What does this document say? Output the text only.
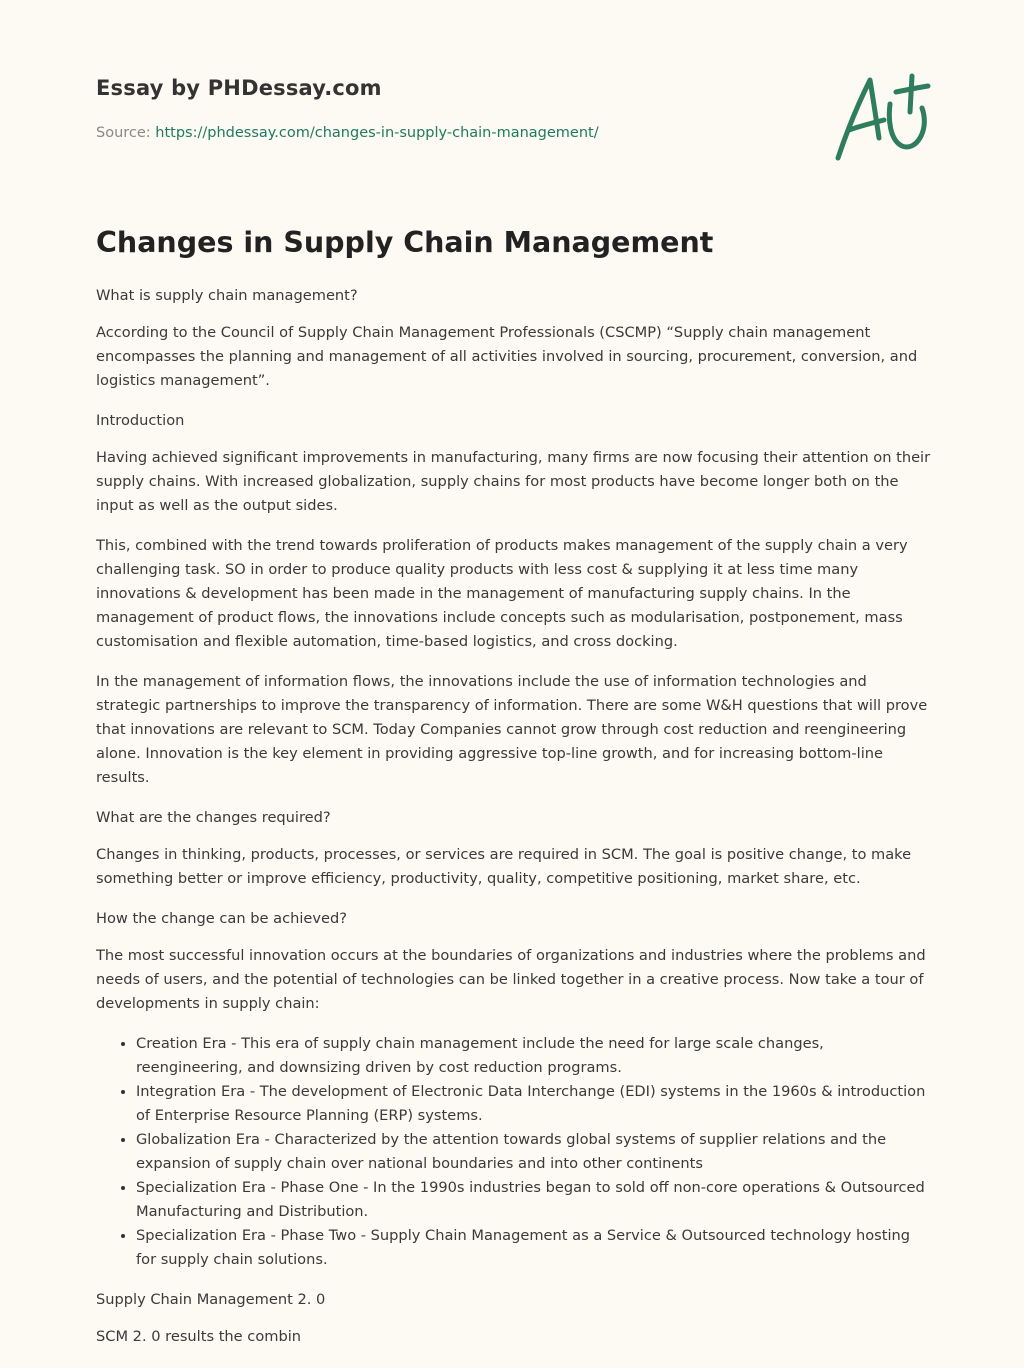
Essay by PHDessay.com
Source: https://phdessay.com/changes-in-supply-chain-management/
Changes in Supply Chain Management

What is supply chain management?

According to the Council of Supply Chain Management Professionals (CSCMP) “Supply chain management encompasses the planning and management of all activities involved in sourcing, procurement, conversion, and logistics management”.

Introduction

Having achieved significant improvements in manufacturing, many firms are now focusing their attention on their supply chains. With increased globalization, supply chains for most products have become longer both on the input as well as the output sides.

This, combined with the trend towards proliferation of products makes management of the supply chain a very challenging task. SO in order to produce quality products with less cost & supplying it at less time many innovations & development has been made in the management of manufacturing supply chains. In the management of product flows, the innovations include concepts such as modularisation, postponement, mass customisation and flexible automation, time-based logistics, and cross docking.

In the management of information flows, the innovations include the use of information technologies and strategic partnerships to improve the transparency of information. There are some W&H questions that will prove that innovations are relevant to SCM. Today Companies cannot grow through cost reduction and reengineering alone. Innovation is the key element in providing aggressive top-line growth, and for increasing bottom-line results.

What are the changes required?

Changes in thinking, products, processes, or services are required in SCM. The goal is positive change, to make something better or improve efficiency, productivity, quality, competitive positioning, market share, etc.

How the change can be achieved?

The most successful innovation occurs at the boundaries of organizations and industries where the problems and needs of users, and the potential of technologies can be linked together in a creative process. Now take a tour of developments in supply chain:

• Creation Era - This era of supply chain management include the need for large scale changes, reengineering, and downsizing driven by cost reduction programs.
• Integration Era - The development of Electronic Data Interchange (EDI) systems in the 1960s & introduction of Enterprise Resource Planning (ERP) systems.
• Globalization Era - Characterized by the attention towards global systems of supplier relations and the expansion of supply chain over national boundaries and into other continents
• Specialization Era - Phase One - In the 1990s industries began to sold off non-core operations & Outsourced Manufacturing and Distribution.
• Specialization Era - Phase Two - Supply Chain Management as a Service & Outsourced technology hosting for supply chain solutions.

Supply Chain Management 2. 0

SCM 2. 0 results the combin
